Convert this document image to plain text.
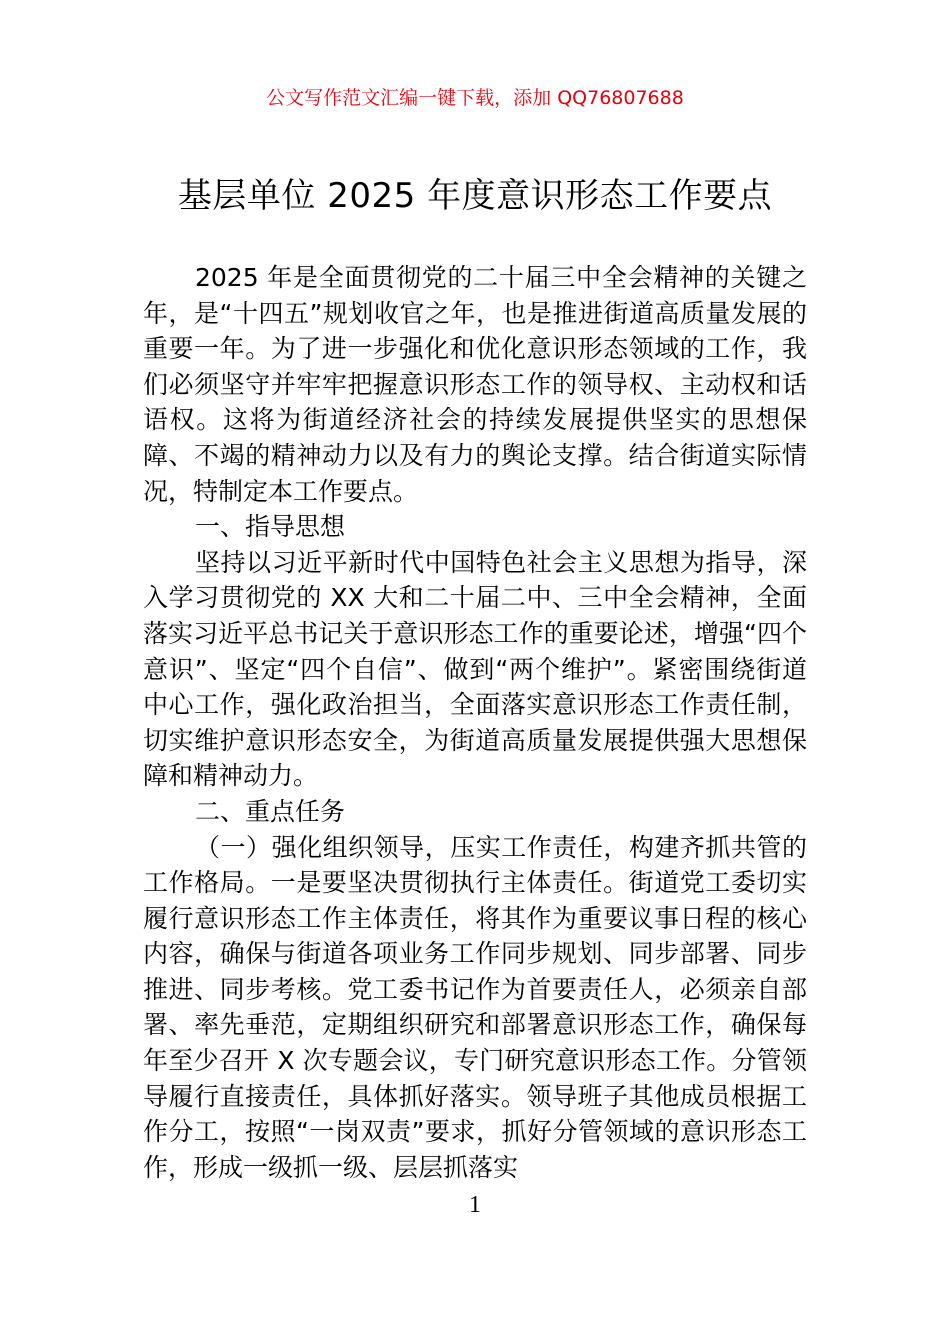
公文写作范文汇编一键下载，添加 QQ76807688
基层单位 2025 年度意识形态工作要点

2025 年是全面贯彻党的二十届三中全会精神的关键之年，是“十四五”规划收官之年，也是推进街道高质量发展的重要一年。为了进一步强化和优化意识形态领域的工作，我们必须坚守并牢牢把握意识形态工作的领导权、主动权和话语权。这将为街道经济社会的持续发展提供坚实的思想保障、不竭的精神动力以及有力的舆论支撑。结合街道实际情况，特制定本工作要点。

一、指导思想

坚持以习近平新时代中国特色社会主义思想为指导，深入学习贯彻党的 XX 大和二十届二中、三中全会精神，全面落实习近平总书记关于意识形态工作的重要论述，增强“四个意识”、坚定“四个自信”、做到“两个维护”。紧密围绕街道中心工作，强化政治担当，全面落实意识形态工作责任制，切实维护意识形态安全，为街道高质量发展提供强大思想保障和精神动力。

二、重点任务

（一）强化组织领导，压实工作责任，构建齐抓共管的工作格局。一是要坚决贯彻执行主体责任。街道党工委切实履行意识形态工作主体责任，将其作为重要议事日程的核心内容，确保与街道各项业务工作同步规划、同步部署、同步推进、同步考核。党工委书记作为首要责任人，必须亲自部署、率先垂范，定期组织研究和部署意识形态工作，确保每年至少召开 X 次专题会议，专门研究意识形态工作。分管领导履行直接责任，具体抓好落实。领导班子其他成员根据工作分工，按照“一岗双责”要求，抓好分管领域的意识形态工作，形成一级抓一级、层层抓落实

1
